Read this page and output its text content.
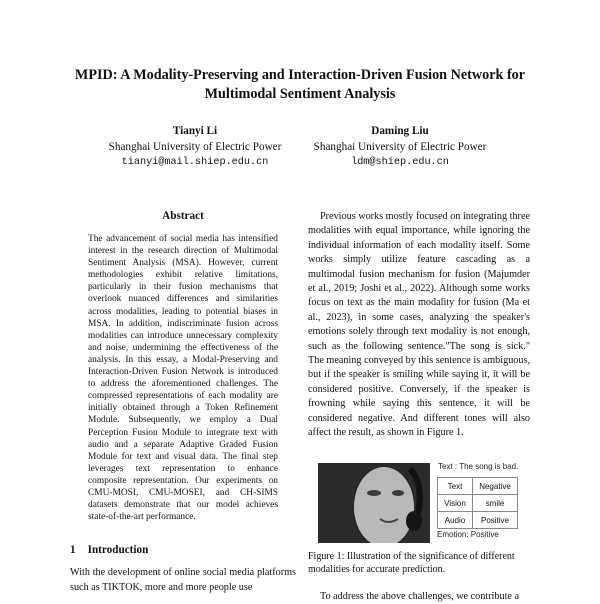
MPID: A Modality-Preserving and Interaction-Driven Fusion Network for Multimodal Sentiment Analysis
Tianyi Li
Shanghai University of Electric Power
tianyi@mail.shiep.edu.cn
Daming Liu
Shanghai University of Electric Power
ldm@shiep.edu.cn
Abstract
The advancement of social media has intensified interest in the research direction of Multimodal Sentiment Analysis (MSA). However, current methodologies exhibit relative limitations, particularly in their fusion mechanisms that overlook nuanced differences and similarities across modalities, leading to potential biases in MSA. In addition, indiscriminate fusion across modalities can introduce unnecessary complexity and noise, undermining the effectiveness of the analysis. In this essay, a Modal-Preserving and Interaction-Driven Fusion Network is introduced to address the aforementioned challenges. The compressed representations of each modality are initially obtained through a Token Refinement Module. Subsequently, we employ a Dual Perception Fusion Module to integrate text with audio and a separate Adaptive Graded Fusion Module for text and visual data. The final step leverages text representation to enhance composite representation. Our experiments on CMU-MOSI, CMU-MOSEI, and CH-SIMS datasets demonstrate that our model achieves state-of-the-art performance.
1 Introduction
With the development of online social media platforms such as TIKTOK, more and more people use
Previous works mostly focused on integrating three modalities with equal importance, while ignoring the individual information of each modality itself. Some works simply utilize feature cascading as a multimodal fusion mechanism for fusion (Majumder et al., 2019; Joshi et al., 2022). Although some works focus on text as the main modality for fusion (Ma et al., 2023), in some cases, analyzing the speaker's emotions solely through text modality is not enough, such as the following sentence."The song is sick." The meaning conveyed by this sentence is ambiguous, but if the speaker is smiling while saying it, it will be considered positive. Conversely, if the speaker is frowning while saying this sentence, it will be considered negative. And different tones will also affect the result, as shown in Figure 1.
Text : The song is bad.
Text	Negative
Vision	smile
Audio	Positive
Emotion: Positive
Figure 1: Illustration of the significance of different modalities for accurate prediction.
To address the above challenges, we contribute a
